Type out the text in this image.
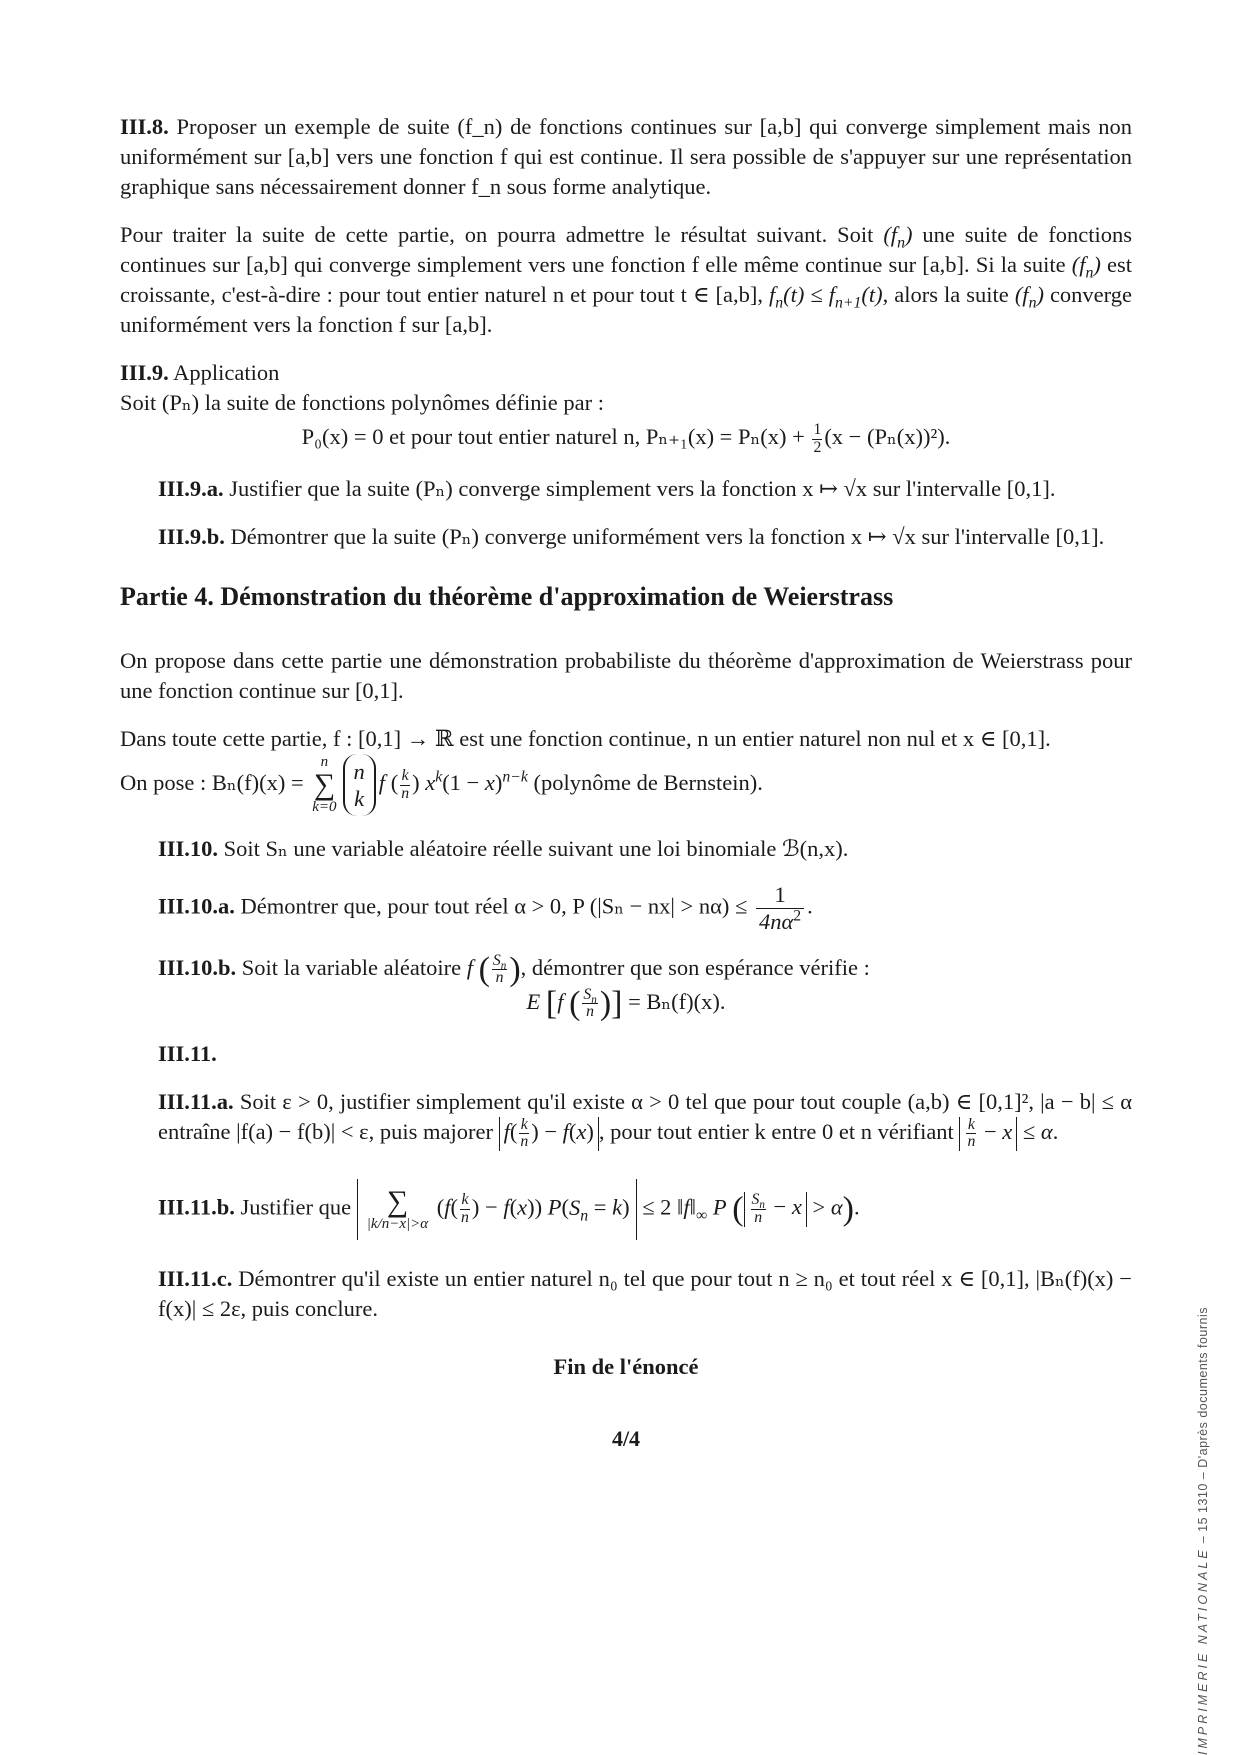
III.8. Proposer un exemple de suite (f_n) de fonctions continues sur [a,b] qui converge simplement mais non uniformément sur [a,b] vers une fonction f qui est continue. Il sera possible de s'appuyer sur une représentation graphique sans nécessairement donner f_n sous forme analytique.

Pour traiter la suite de cette partie, on pourra admettre le résultat suivant. Soit $(f_n)$ une suite de fonctions continues sur [a,b] qui converge simplement vers une fonction f elle même continue sur [a,b]. Si la suite $(f_n)$ est croissante, c'est-à-dire : pour tout entier naturel n et pour tout t ∈ [a,b], $f_n(t) \le f_{n+1}(t)$, alors la suite $(f_n)$ converge uniformément vers la fonction f sur [a,b].

III.9. Application

Soit (Pₙ) la suite de fonctions polynômes définie par :

P₀(x) = 0 et pour tout entier naturel n, $P_{n+1}(x) = P_n(x) + \frac{1}{2} (x - (P_n(x))^2)$.

III.9.a. Justifier que la suite (Pₙ) converge simplement vers la fonction x ↦ √x sur l'intervalle [0,1].

III.9.b. Démontrer que la suite (Pₙ) converge uniformément vers la fonction x ↦ √x sur l'intervalle [0,1].

Partie 4. Démonstration du théorème d'approximation de Weierstrass

On propose dans cette partie une démonstration probabiliste du théorème d'approximation de Weierstrass pour une fonction continue sur [0,1].

Dans toute cette partie, f : [0,1] → ℝ est une fonction continue, n un entier naturel non nul et x ∈ [0,1].

On pose : Bₙ(f)(x) =
n
∑
k=0
n
k
f ( $\frac{k}{n}$ ) $x^k(1 - x)^{n-k}$ (polynôme de Bernstein).

III.10. Soit Sₙ une variable aléatoire réelle suivant une loi binomiale ℬ(n,x).

III.10.a. Démontrer que, pour tout réel α > 0, P $(|S_n - nx| > n\alpha) \le \frac{1}{4n\alpha^2}$ .

III.10.b. Soit la variable aléatoire f ( $\frac{S_n}{n}$ ), démontrer que son espérance vérifie :

E [f ( $\frac{S_n}{n}$ )] = Bₙ(f)(x).

III.11.

III.11.a. Soit ε > 0, justifier simplement qu'il existe α > 0 tel que pour tout couple (a,b) ∈ [0,1]², |a − b| ≤ α entraîne |f(a) − f(b)| < ε, puis majorer $f( \frac{k}{n}$ ) − f(x) , pour tout entier k entre 0 et n vérifiant $\frac{k}{n} - x \le \alpha$.

III.11.b. Justifier que ∑
|k/n−x|>α
($f( \frac{k}{n}$ ) − f(x)) $P(S_n = k) \le 2$ $‖f‖_\infty$ P ( $\frac{S_n}{n} - x > \alpha$).

III.11.c. Démontrer qu'il existe un entier naturel n₀ tel que pour tout n ≥ n₀ et tout réel x ∈ [0,1], |Bₙ(f)(x) − f(x)| ≤ 2ε, puis conclure.

Fin de l'énoncé
4/4
IMPRIMERIE NATIONALE – 15 1310 – D'après documents fournis
